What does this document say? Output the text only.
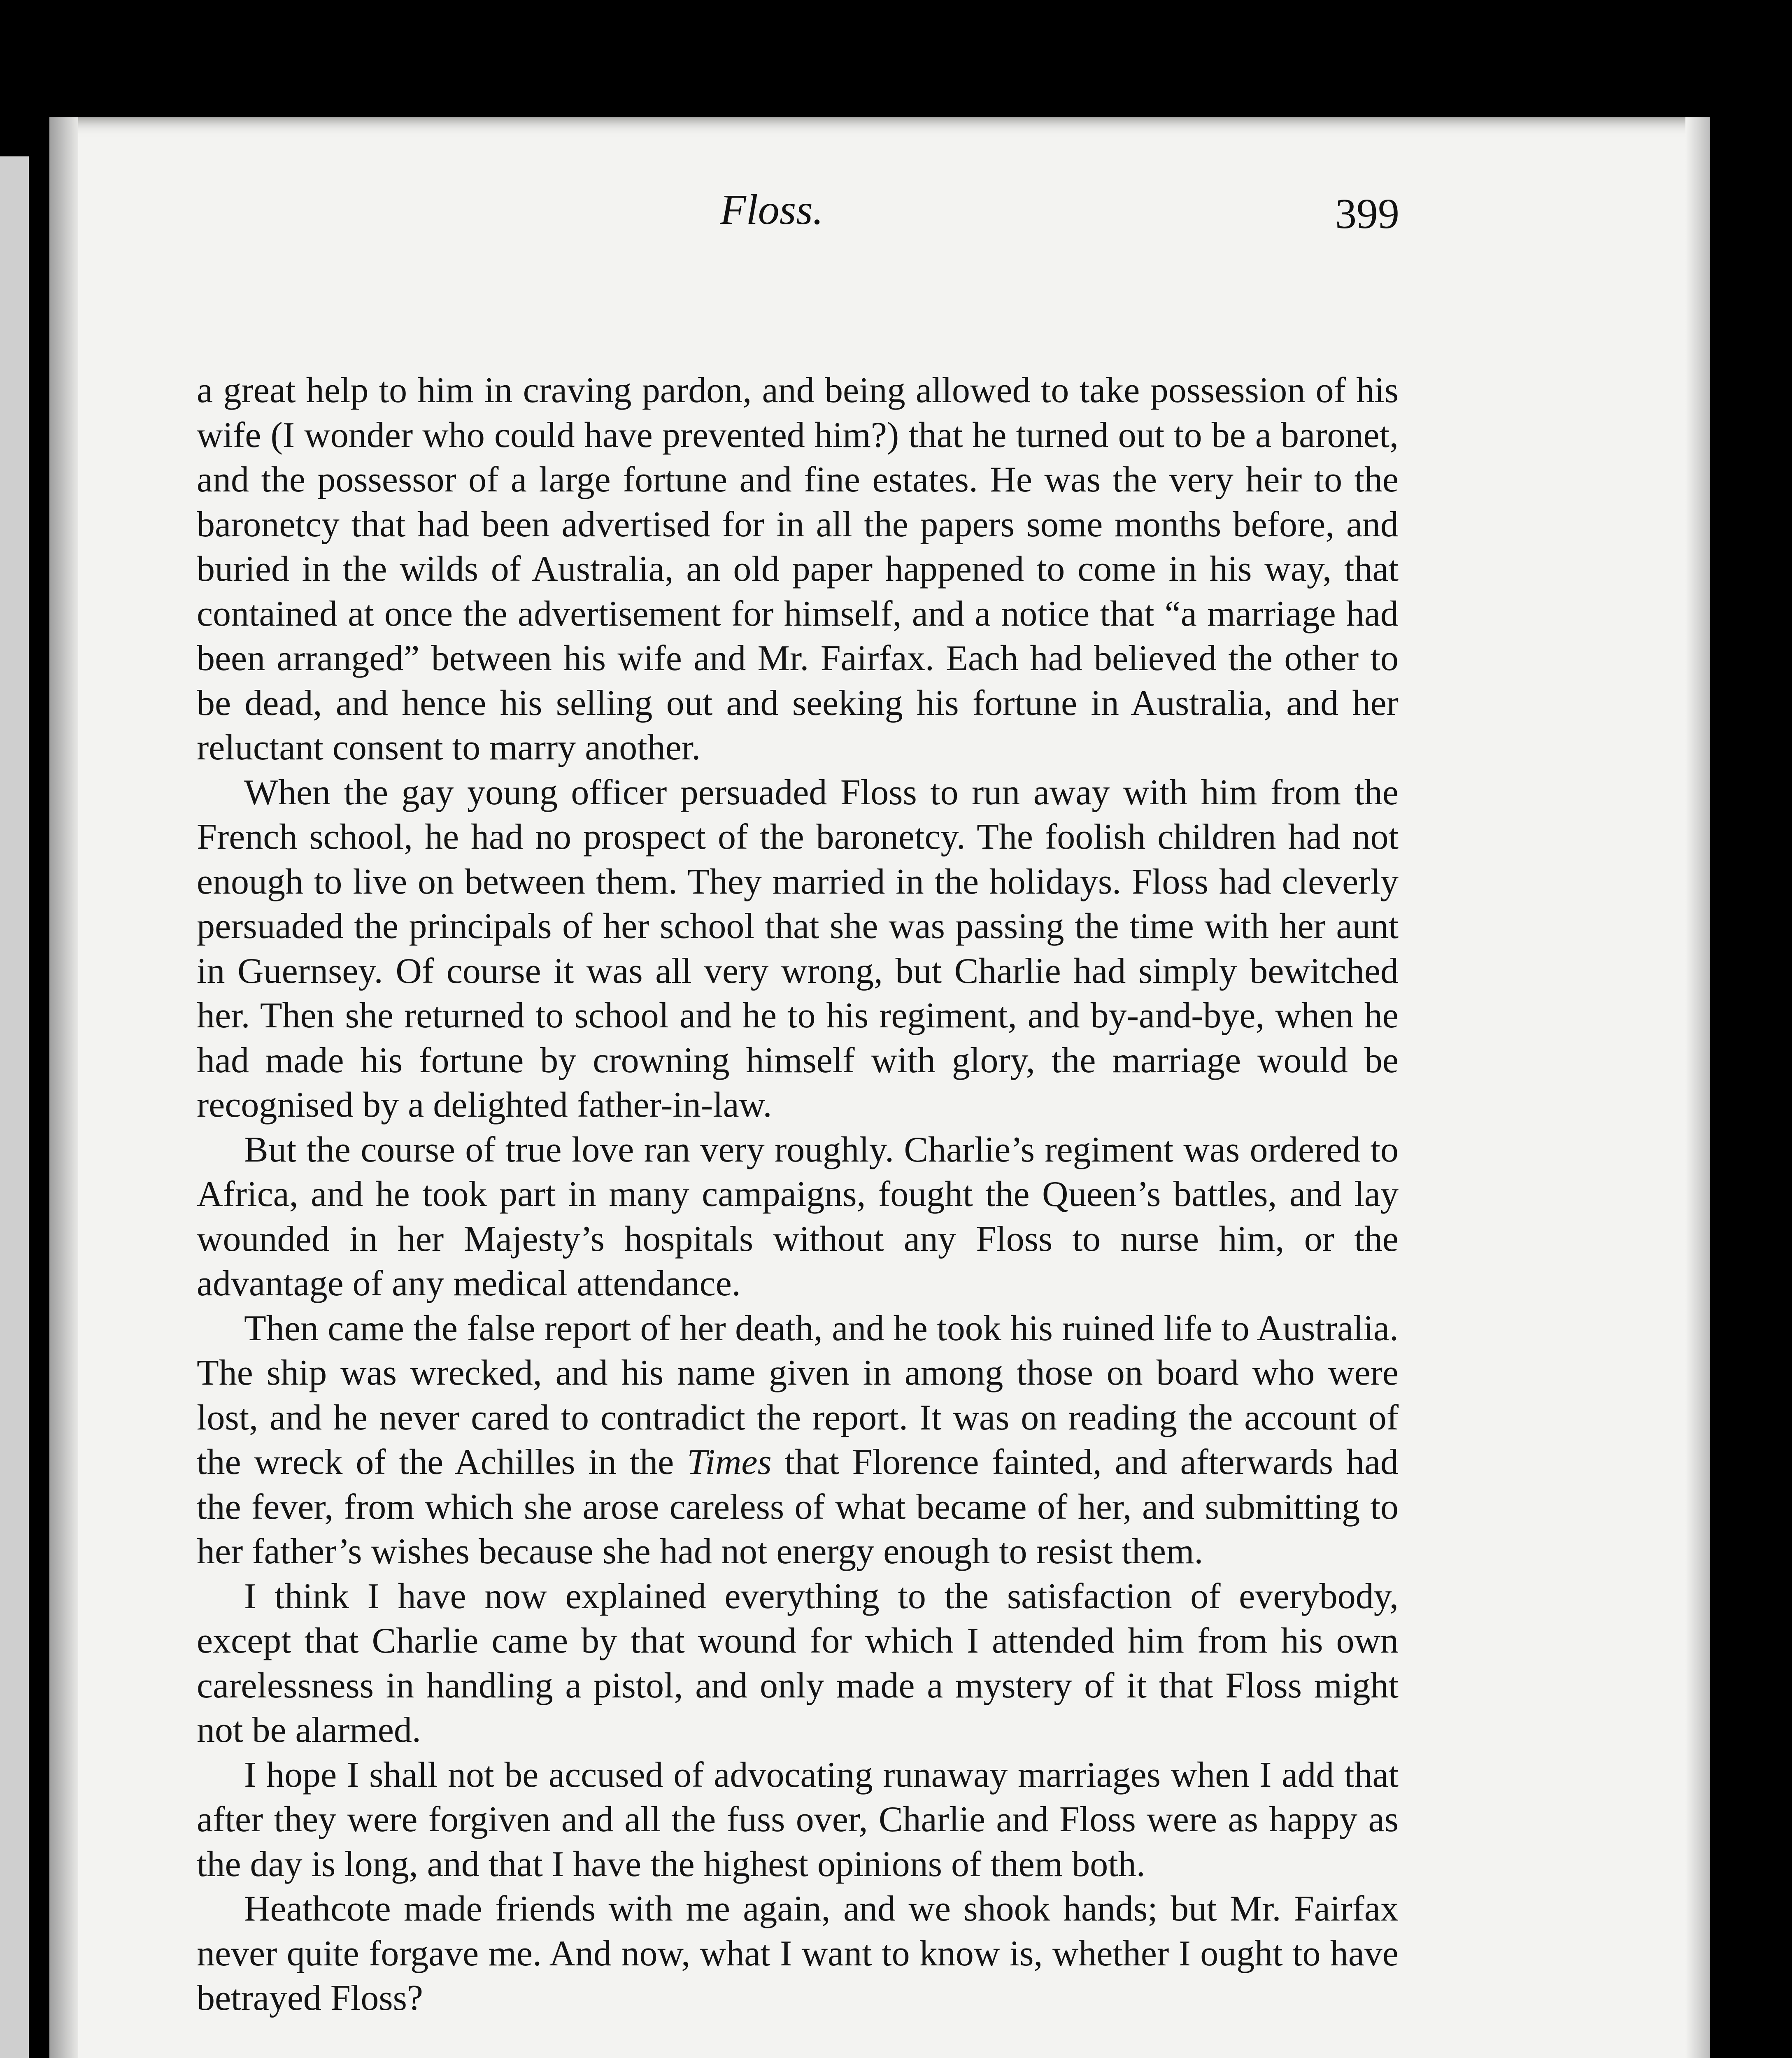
Floss.	399

a great help to him in craving pardon, and being allowed to take possession of his wife (I wonder who could have prevented him?) that he turned out to be a baronet, and the possessor of a large fortune and fine estates. He was the very heir to the baronetcy that had been advertised for in all the papers some months before, and buried in the wilds of Australia, an old paper happened to come in his way, that contained at once the advertisement for himself, and a notice that “a marriage had been arranged” between his wife and Mr. Fairfax. Each had believed the other to be dead, and hence his selling out and seeking his fortune in Australia, and her reluctant consent to marry another.

When the gay young officer persuaded Floss to run away with him from the French school, he had no prospect of the baronetcy. The foolish children had not enough to live on between them. They married in the holidays. Floss had cleverly persuaded the principals of her school that she was passing the time with her aunt in Guernsey. Of course it was all very wrong, but Charlie had simply bewitched her. Then she returned to school and he to his regiment, and by-and-bye, when he had made his fortune by crowning himself with glory, the marriage would be recognised by a delighted father-in-law.

But the course of true love ran very roughly. Charlie’s regiment was ordered to Africa, and he took part in many campaigns, fought the Queen’s battles, and lay wounded in her Majesty’s hospitals without any Floss to nurse him, or the advantage of any medical attendance.

Then came the false report of her death, and he took his ruined life to Australia. The ship was wrecked, and his name given in among those on board who were lost, and he never cared to contradict the report. It was on reading the account of the wreck of the Achilles in the Times that Florence fainted, and afterwards had the fever, from which she arose careless of what became of her, and submitting to her father’s wishes because she had not energy enough to resist them.

I think I have now explained everything to the satisfaction of everybody, except that Charlie came by that wound for which I attended him from his own carelessness in handling a pistol, and only made a mystery of it that Floss might not be alarmed.

I hope I shall not be accused of advocating runaway marriages when I add that after they were forgiven and all the fuss over, Charlie and Floss were as happy as the day is long, and that I have the highest opinions of them both.

Heathcote made friends with me again, and we shook hands; but Mr. Fairfax never quite forgave me. And now, what I want to know is, whether I ought to have betrayed Floss?
